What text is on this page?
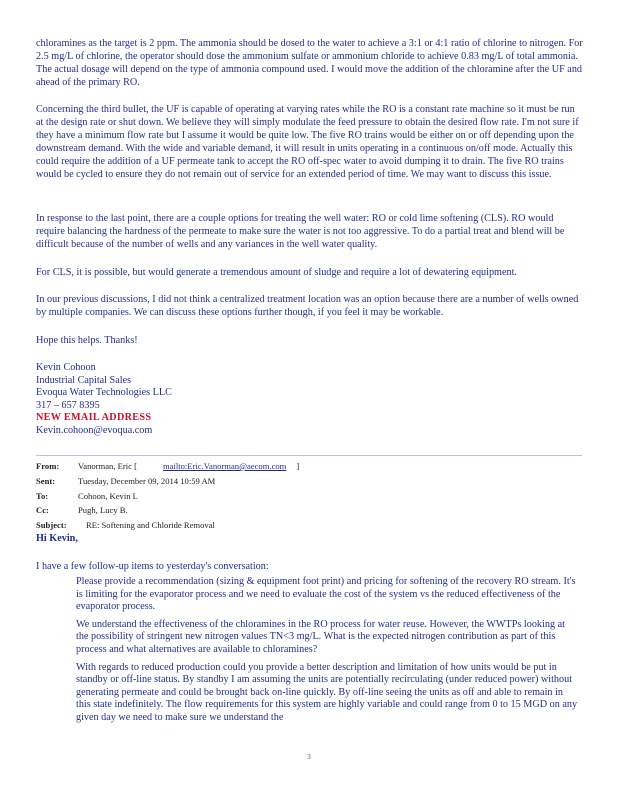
chloramines as the target is 2 ppm. The ammonia should be dosed to the water to achieve a 3:1 or 4:1 ratio of chlorine to nitrogen. For 2.5 mg/L of chlorine, the operator should dose the ammonium sulfate or ammonium chloride to achieve 0.83 mg/L of total ammonia. The actual dosage will depend on the type of ammonia compound used. I would move the addition of the chloramine after the UF and ahead of the primary RO.

Concerning the third bullet, the UF is capable of operating at varying rates while the RO is a constant rate machine so it must be run at the design rate or shut down. We believe they will simply modulate the feed pressure to obtain the desired flow rate. I'm not sure if they have a minimum flow rate but I assume it would be quite low. The five RO trains would be either on or off depending upon the downstream demand. With the wide and variable demand, it will result in units operating in a continuous on/off mode. Actually this could require the addition of a UF permeate tank to accept the RO off-spec water to avoid dumping it to drain. The five RO trains would be cycled to ensure they do not remain out of service for an extended period of time. We may want to discuss this issue.

In response to the last point, there are a couple options for treating the well water: RO or cold lime softening (CLS). RO would require balancing the hardness of the permeate to make sure the water is not too aggressive. To do a partial treat and blend will be difficult because of the number of wells and any variances in the well water quality.

For CLS, it is possible, but would generate a tremendous amount of sludge and require a lot of dewatering equipment.

In our previous discussions, I did not think a centralized treatment location was an option because there are a number of wells owned by multiple companies. We can discuss these options further though, if you feel it may be workable.

Hope this helps. Thanks!

Kevin Cohoon
Industrial Capital Sales
Evoqua Water Technologies LLC
317 – 657 8395
NEW EMAIL ADDRESS
Kevin.cohoon@evoqua.com
From:	Vanorman, Eric [	mailto:Eric.Vanorman@aecom.com ]
Sent:	Tuesday, December 09, 2014 10:59 AM
To:	Cohoon, Kevin L
Cc:	Pugh, Lucy B.
Subject:	RE: Softening and Chloride Removal
Hi Kevin,
I have a few follow-up items to yesterday's conversation:
Please provide a recommendation (sizing & equipment foot print) and pricing for softening of the recovery RO stream. It's is limiting for the evaporator process and we need to evaluate the cost of the system vs the reduced effectiveness of the evaporator process.
We understand the effectiveness of the chloramines in the RO process for water reuse. However, the WWTPs looking at the possibility of stringent new nitrogen values TN<3 mg/L. What is the expected nitrogen contribution as part of this process and what alternatives are available to chloramines?
With regards to reduced production could you provide a better description and limitation of how units would be put in standby or off-line status. By standby I am assuming the units are potentially recirculating (under reduced power) without generating permeate and could be brought back on-line quickly. By off-line seeing the units as off and able to remain in this state indefinitely. The flow requirements for this system are highly variable and could range from 0 to 15 MGD on any given day we need to make sure we understand the
3
